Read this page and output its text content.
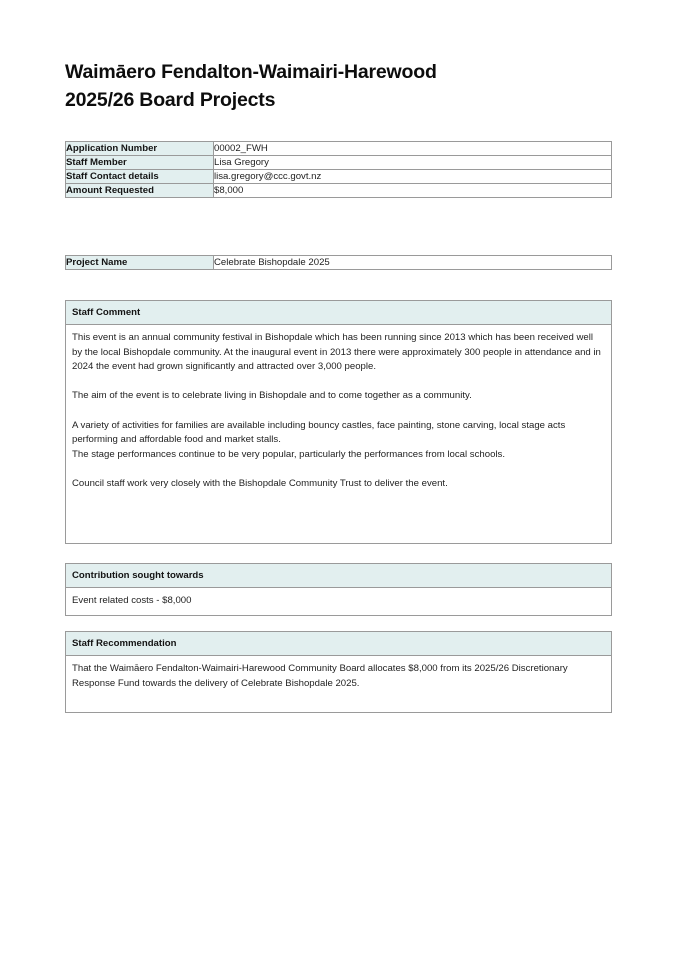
Waimāero Fendalton-Waimairi-Harewood
2025/26 Board Projects
Application Number	00002_FWH
Staff Member	Lisa Gregory
Staff Contact details	lisa.gregory@ccc.govt.nz
Amount Requested	$8,000
Project Name	Celebrate Bishopdale 2025
Staff Comment

This event is an annual community festival in Bishopdale which has been running since 2013 which has been received well by the local Bishopdale community. At the inaugural event in 2013 there were approximately 300 people in attendance and in 2024 the event had grown significantly and attracted over 3,000 people.

The aim of the event is to celebrate living in Bishopdale and to come together as a community.

A variety of activities for families are available including bouncy castles, face painting, stone carving, local stage acts performing and affordable food and market stalls.

The stage performances continue to be very popular, particularly the performances from local schools.

Council staff work very closely with the Bishopdale Community Trust to deliver the event.

Contribution sought towards

Event related costs - $8,000

Staff Recommendation

That the Waimāero Fendalton-Waimairi-Harewood Community Board allocates $8,000 from its 2025/26 Discretionary Response Fund towards the delivery of Celebrate Bishopdale 2025.
